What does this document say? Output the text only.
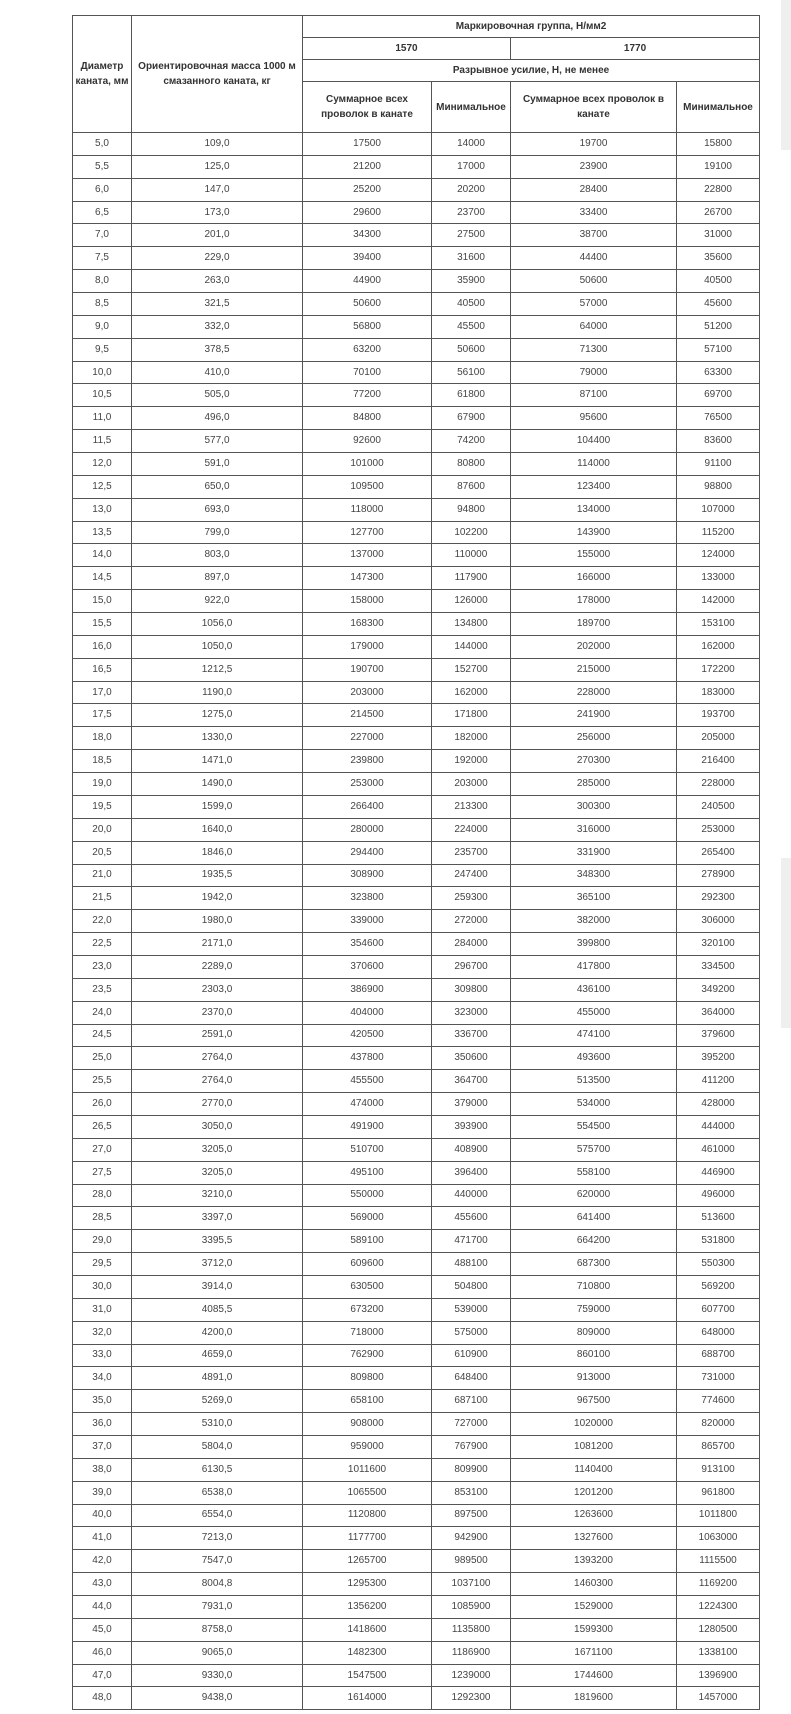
Диаметр каната, мм	Ориентировочная масса 1000 м смазанного каната, кг	Маркировочная группа, Н/мм2			
		1570		1770	
		Разрывное усилие, Н, не менее			
		Суммарное всех проволок в канате	Минимальное	Суммарное всех проволок в канате	Минимальное
5,0	109,0	17500	14000	19700	15800
5,5	125,0	21200	17000	23900	19100
6,0	147,0	25200	20200	28400	22800
6,5	173,0	29600	23700	33400	26700
7,0	201,0	34300	27500	38700	31000
7,5	229,0	39400	31600	44400	35600
8,0	263,0	44900	35900	50600	40500
8,5	321,5	50600	40500	57000	45600
9,0	332,0	56800	45500	64000	51200
9,5	378,5	63200	50600	71300	57100
10,0	410,0	70100	56100	79000	63300
10,5	505,0	77200	61800	87100	69700
11,0	496,0	84800	67900	95600	76500
11,5	577,0	92600	74200	104400	83600
12,0	591,0	101000	80800	114000	91100
12,5	650,0	109500	87600	123400	98800
13,0	693,0	118000	94800	134000	107000
13,5	799,0	127700	102200	143900	115200
14,0	803,0	137000	110000	155000	124000
14,5	897,0	147300	117900	166000	133000
15,0	922,0	158000	126000	178000	142000
15,5	1056,0	168300	134800	189700	153100
16,0	1050,0	179000	144000	202000	162000
16,5	1212,5	190700	152700	215000	172200
17,0	1190,0	203000	162000	228000	183000
17,5	1275,0	214500	171800	241900	193700
18,0	1330,0	227000	182000	256000	205000
18,5	1471,0	239800	192000	270300	216400
19,0	1490,0	253000	203000	285000	228000
19,5	1599,0	266400	213300	300300	240500
20,0	1640,0	280000	224000	316000	253000
20,5	1846,0	294400	235700	331900	265400
21,0	1935,5	308900	247400	348300	278900
21,5	1942,0	323800	259300	365100	292300
22,0	1980,0	339000	272000	382000	306000
22,5	2171,0	354600	284000	399800	320100
23,0	2289,0	370600	296700	417800	334500
23,5	2303,0	386900	309800	436100	349200
24,0	2370,0	404000	323000	455000	364000
24,5	2591,0	420500	336700	474100	379600
25,0	2764,0	437800	350600	493600	395200
25,5	2764,0	455500	364700	513500	411200
26,0	2770,0	474000	379000	534000	428000
26,5	3050,0	491900	393900	554500	444000
27,0	3205,0	510700	408900	575700	461000
27,5	3205,0	495100	396400	558100	446900
28,0	3210,0	550000	440000	620000	496000
28,5	3397,0	569000	455600	641400	513600
29,0	3395,5	589100	471700	664200	531800
29,5	3712,0	609600	488100	687300	550300
30,0	3914,0	630500	504800	710800	569200
31,0	4085,5	673200	539000	759000	607700
32,0	4200,0	718000	575000	809000	648000
33,0	4659,0	762900	610900	860100	688700
34,0	4891,0	809800	648400	913000	731000
35,0	5269,0	658100	687100	967500	774600
36,0	5310,0	908000	727000	1020000	820000
37,0	5804,0	959000	767900	1081200	865700
38,0	6130,5	1011600	809900	1140400	913100
39,0	6538,0	1065500	853100	1201200	961800
40,0	6554,0	1120800	897500	1263600	1011800
41,0	7213,0	1177700	942900	1327600	1063000
42,0	7547,0	1265700	989500	1393200	1115500
43,0	8004,8	1295300	1037100	1460300	1169200
44,0	7931,0	1356200	1085900	1529000	1224300
45,0	8758,0	1418600	1135800	1599300	1280500
46,0	9065,0	1482300	1186900	1671100	1338100
47,0	9330,0	1547500	1239000	1744600	1396900
48,0	9438,0	1614000	1292300	1819600	1457000
